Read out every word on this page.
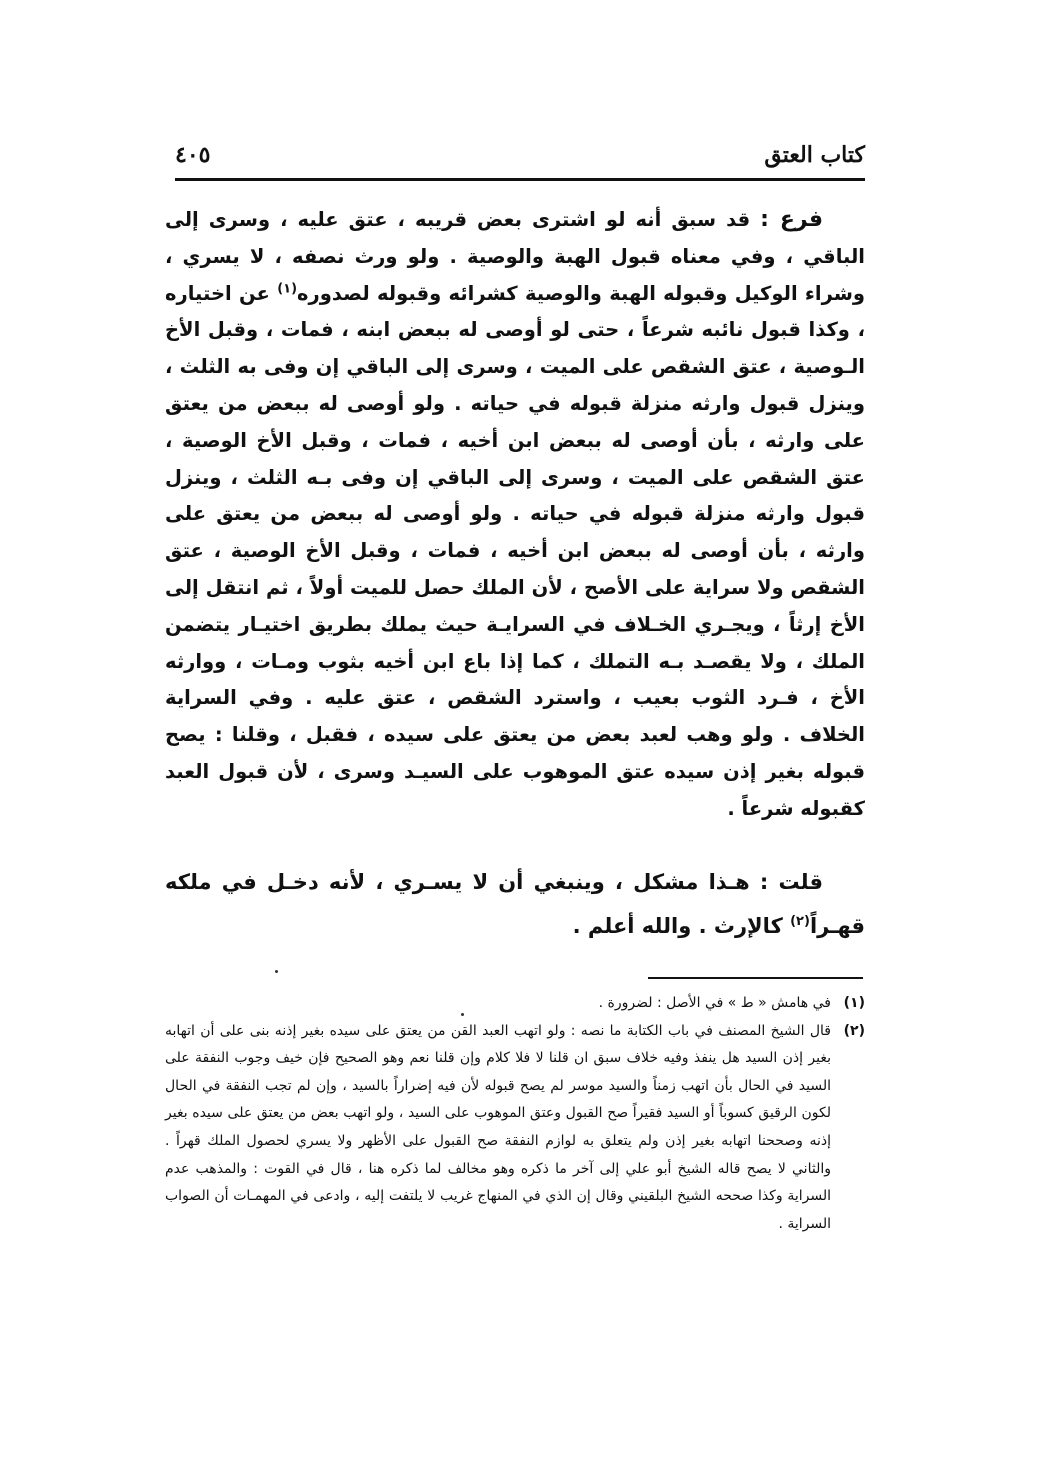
كتاب العتق
٤٠٥

فرع : قد سبق أنه لو اشترى بعض قريبه ، عتق عليه ، وسرى إلى الباقي ، وفي معناه قبول الهبة والوصية . ولو ورث نصفه ، لا يسري ، وشراء الوكيل وقبوله الهبة والوصية كشرائه وقبوله لصدوره$^{(١)}$ عن اختياره ، وكذا قبول نائبه شرعاً ، حتى لو أوصى له ببعض ابنه ، فمات ، وقبل الأخ الـوصية ، عتق الشقص على الميت ، وسرى إلى الباقي إن وفى به الثلث ، وينزل قبول وارثه منزلة قبوله في حياته . ولو أوصى له ببعض من يعتق على وارثه ، بأن أوصى له ببعض ابن أخيه ، فمات ، وقبل الأخ الوصية ، عتق الشقص على الميت ، وسرى إلى الباقي إن وفى بـه الثلث ، وينزل قبول وارثه منزلة قبوله في حياته . ولو أوصى له ببعض من يعتق على وارثه ، بأن أوصى له ببعض ابن أخيه ، فمات ، وقبل الأخ الوصية ، عتق الشقص ولا سراية على الأصح ، لأن الملك حصل للميت أولاً ، ثم انتقل إلى الأخ إرثاً ، ويجـري الخـلاف في السرايـة حيث يملك بطريق اختيـار يتضمن الملك ، ولا يقصـد بـه التملك ، كما إذا باع ابن أخيه بثوب ومـات ، ووارثه الأخ ، فـرد الثوب بعيب ، واسترد الشقص ، عتق عليه . وفي السراية الخلاف . ولو وهب لعبد بعض من يعتق على سيده ، فقبل ، وقلنا : يصح قبوله بغير إذن سيده عتق الموهوب على السيـد وسرى ، لأن قبول العبد كقبوله شرعاً .

قلت : هـذا مشكل ، وينبغي أن لا يسـري ، لأنه دخـل في ملكه قهـراً$^{(٢)}$ كالإرث . والله أعلم .

(١)
في هامش « ط » في الأصل : لضرورة .
(٢)
قال الشيخ المصنف في باب الكتابة ما نصه : ولو اتهب العبد القن من يعتق على سيده بغير إذنه بنى على أن اتهابه بغير إذن السيد هل ينفذ وفيه خلاف سبق ان قلنا لا فلا كلام وإن قلنا نعم وهو الصحيح فإن خيف وجوب النفقة على السيد في الحال بأن اتهب زمناً والسيد موسر لم يصح قبوله لأن فيه إضراراً بالسيد ، وإن لم تجب النفقة في الحال لكون الرقيق كسوباً أو السيد فقيراً صح القبول وعتق الموهوب على السيد ، ولو اتهب بعض من يعتق على سيده بغير إذنه وصححنا اتهابه بغير إذن ولم يتعلق به لوازم النفقة صح القبول على الأظهر ولا يسري لحصول الملك قهراً . والثاني لا يصح قاله الشيخ أبو علي إلى آخر ما ذكره وهو مخالف لما ذكره هنا ، قال في القوت : والمذهب عدم السراية وكذا صححه الشيخ البلقيني وقال إن الذي في المنهاج غريب لا يلتفت إليه ، وادعى في المهمـات أن الصواب السراية .
